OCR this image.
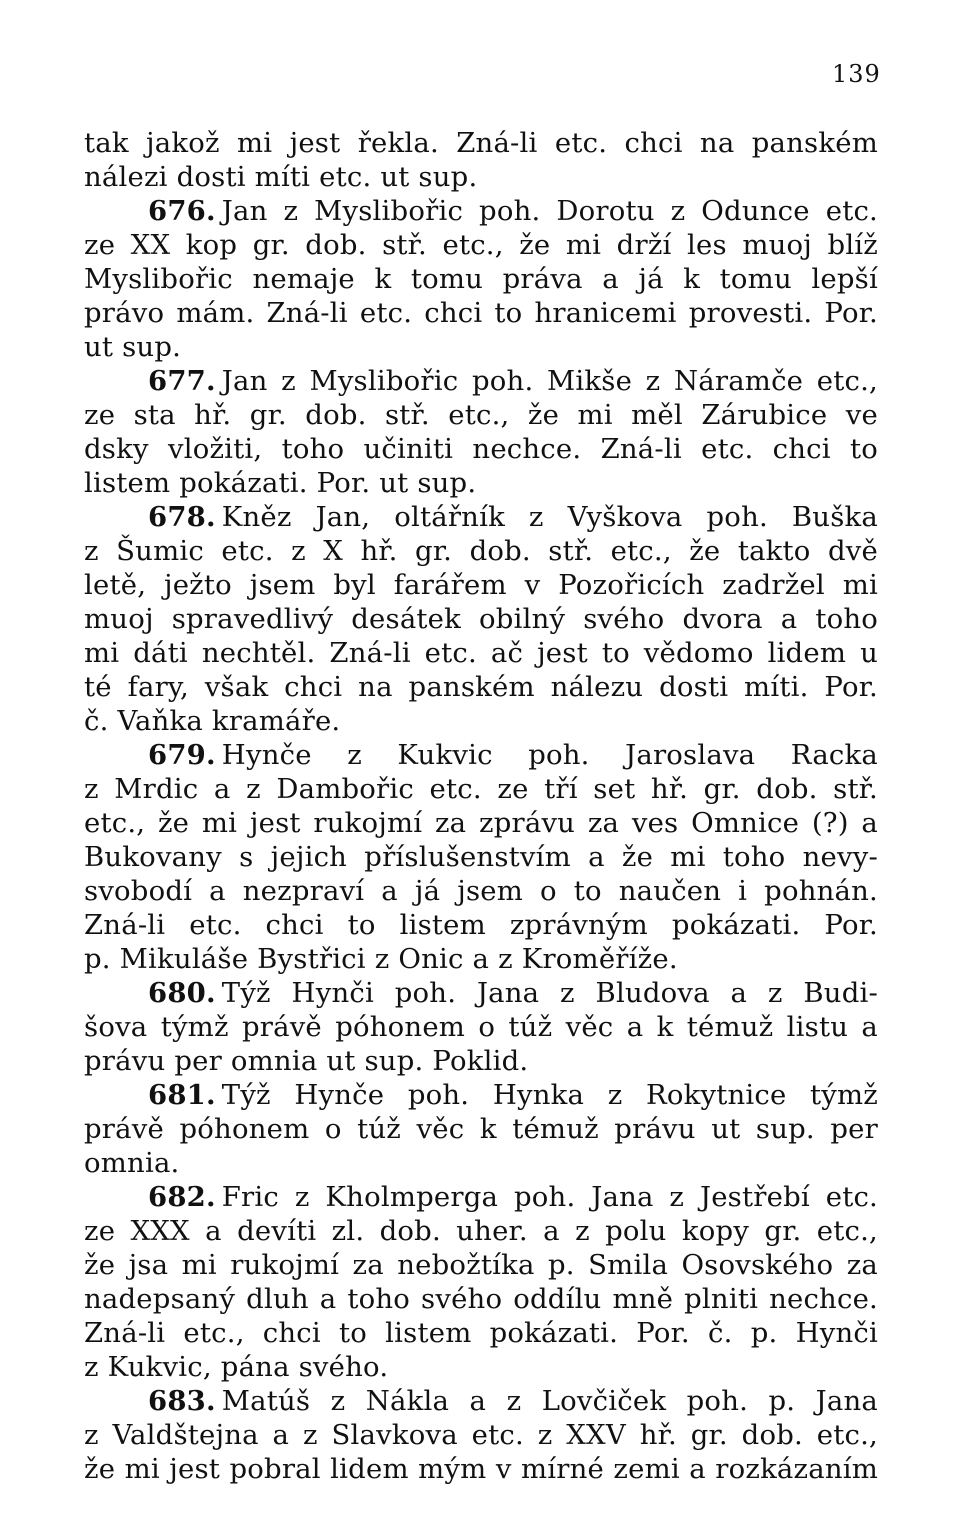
139
tak jakož mi jest řekla. Zná-li etc. chci na panském
nálezi dosti míti etc. ut sup.
676. Jan z Myslibořic poh. Dorotu z Odunce etc.
ze XX kop gr. dob. stř. etc., že mi drží les muoj blíž
Myslibořic nemaje k tomu práva a já k tomu lepší
právo mám. Zná-li etc. chci to hranicemi provesti. Por.
ut sup.
677. Jan z Myslibořic poh. Mikše z Náramče etc.,
ze sta hř. gr. dob. stř. etc., že mi měl Zárubice ve
dsky vložiti, toho učiniti nechce. Zná-li etc. chci to
listem pokázati. Por. ut sup.
678. Kněz Jan, oltářník z Vyškova poh. Buška
z Šumic etc. z X hř. gr. dob. stř. etc., že takto dvě
letě, ježto jsem byl farářem v Pozořicích zadržel mi
muoj spravedlivý desátek obilný svého dvora a toho
mi dáti nechtěl. Zná-li etc. ač jest to vědomo lidem u
té fary, však chci na panském nálezu dosti míti. Por.
č. Vaňka kramáře.
679. Hynče z Kukvic poh. Jaroslava Racka
z Mrdic a z Dambořic etc. ze tří set hř. gr. dob. stř.
etc., že mi jest rukojmí za zprávu za ves Omnice (?) a
Bukovany s jejich příslušenstvím a že mi toho nevy-
svobodí a nezpraví a já jsem o to naučen i pohnán.
Zná-li etc. chci to listem zprávným pokázati. Por.
p. Mikuláše Bystřici z Onic a z Kroměříže.
680. Týž Hynči poh. Jana z Bludova a z Budi-
šova týmž právě póhonem o túž věc a k témuž listu a
právu per omnia ut sup. Poklid.
681. Týž Hynče poh. Hynka z Rokytnice týmž
právě póhonem o túž věc k témuž právu ut sup. per
omnia.
682. Fric z Kholmperga poh. Jana z Jestřebí etc.
ze XXX a devíti zl. dob. uher. a z polu kopy gr. etc.,
že jsa mi rukojmí za nebožtíka p. Smila Osovského za
nadepsaný dluh a toho svého oddílu mně plniti nechce.
Zná-li etc., chci to listem pokázati. Por. č. p. Hynči
z Kukvic, pána svého.
683. Matúš z Nákla a z Lovčiček poh. p. Jana
z Valdštejna a z Slavkova etc. z XXV hř. gr. dob. etc.,
že mi jest pobral lidem mým v mírné zemi a rozkázaním
